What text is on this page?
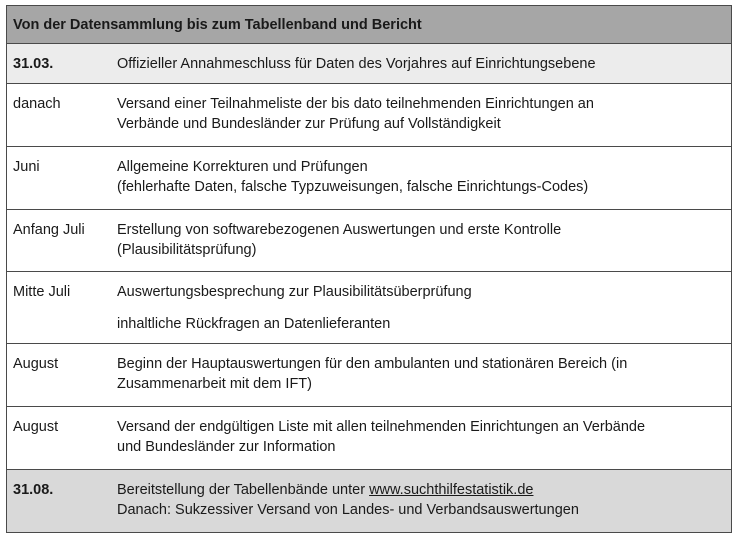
Von der Datensammlung bis zum Tabellenband und Bericht
31.03.	Offizieller Annahmeschluss für Daten des Vorjahres auf Einrichtungsebene
danach	Versand einer Teilnahmeliste der bis dato teilnehmenden Einrichtungen an
Verbände und Bundesländer zur Prüfung auf Vollständigkeit
Juni	Allgemeine Korrekturen und Prüfungen
(fehlerhafte Daten, falsche Typzuweisungen, falsche Einrichtungs-Codes)
Anfang Juli	Erstellung von softwarebezogenen Auswertungen und erste Kontrolle
(Plausibilitätsprüfung)
Mitte Juli	Auswertungsbesprechung zur Plausibilitätsüberprüfung
inhaltliche Rückfragen an Datenlieferanten
August	Beginn der Hauptauswertungen für den ambulanten und stationären Bereich (in
Zusammenarbeit mit dem IFT)
August	Versand der endgültigen Liste mit allen teilnehmenden Einrichtungen an Verbände
und Bundesländer zur Information
31.08.	Bereitstellung der Tabellenbände unter www.suchthilfestatistik.de
Danach: Sukzessiver Versand von Landes- und Verbandsauswertungen
